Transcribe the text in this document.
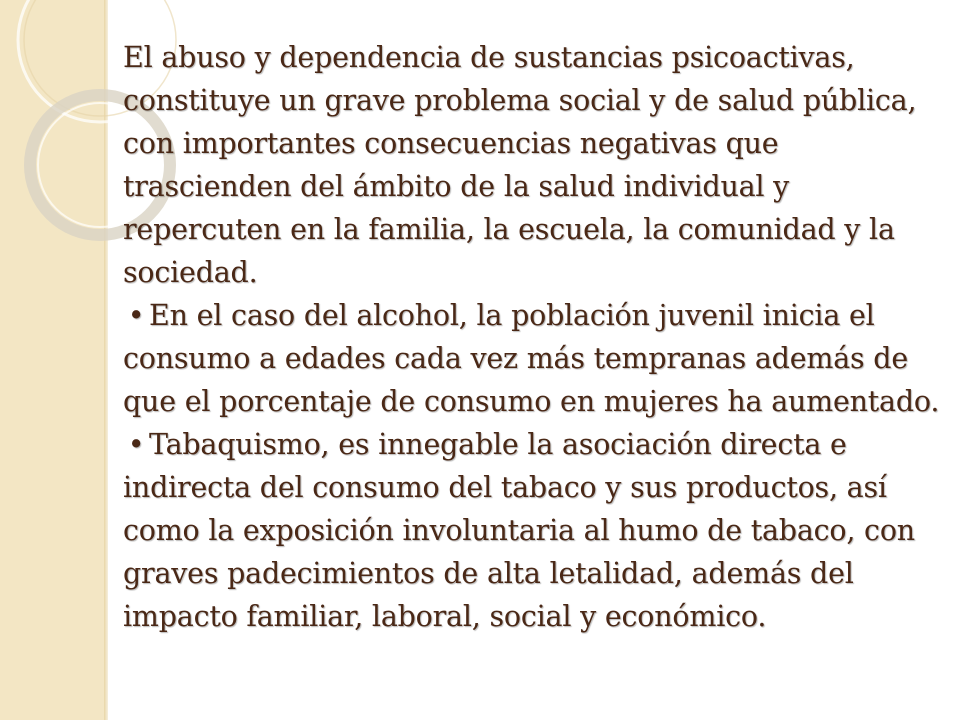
El abuso y dependencia de sustancias psicoactivas, constituye un grave problema social y de salud pública, con importantes consecuencias negativas que trascienden del ámbito de la salud individual y repercuten en la familia, la escuela, la comunidad y la sociedad.

• En el caso del alcohol, la población juvenil inicia el consumo a edades cada vez más tempranas además de que el porcentaje de consumo en mujeres ha aumentado.

• Tabaquismo, es innegable la asociación directa e indirecta del consumo del tabaco y sus productos, así como la exposición involuntaria al humo de tabaco, con graves padecimientos de alta letalidad, además del impacto familiar, laboral, social y económico.
